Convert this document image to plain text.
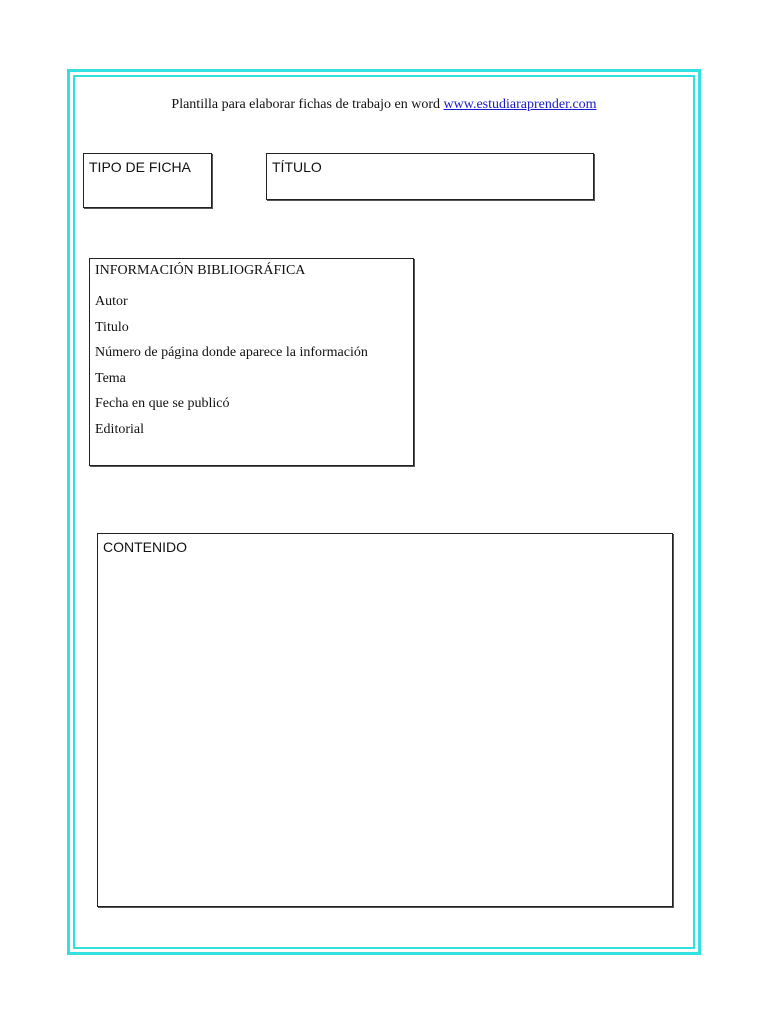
Plantilla para elaborar fichas de trabajo en word www.estudiaraprender.com
TIPO DE FICHA	TÍTULO
INFORMACIÓN BIBLIOGRÁFICA
Autor
Titulo
Número de página donde aparece la información
Tema
Fecha en que se publicó
Editorial
CONTENIDO
